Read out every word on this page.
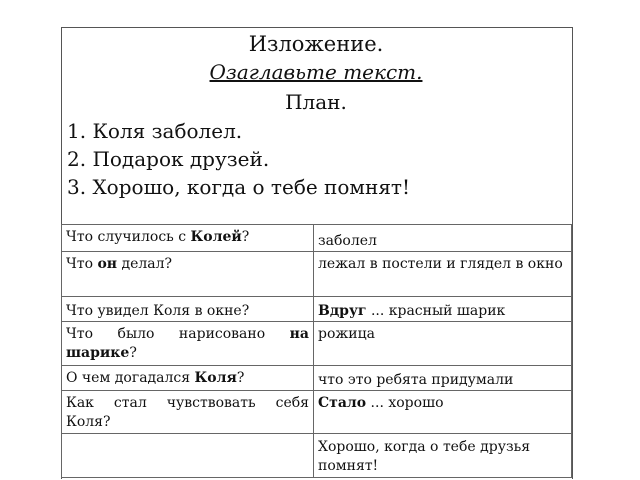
Изложение.
Озаглавьте текст.
План.
1. Коля заболел.
2. Подарок друзей.
3. Хорошо, когда о тебе помнят!
Что случилось с Колей?	заболел
Что он делал?	лежал в постели и глядел в окно
Что увидел Коля в окне?	Вдруг ... красный шарик
Что было нарисовано на шарике?	рожица
О чем догадался Коля?	что это ребята придумали
Как стал чувствовать себя Коля?	Стало ... хорошо
	Хорошо, когда о тебе друзья помнят!
